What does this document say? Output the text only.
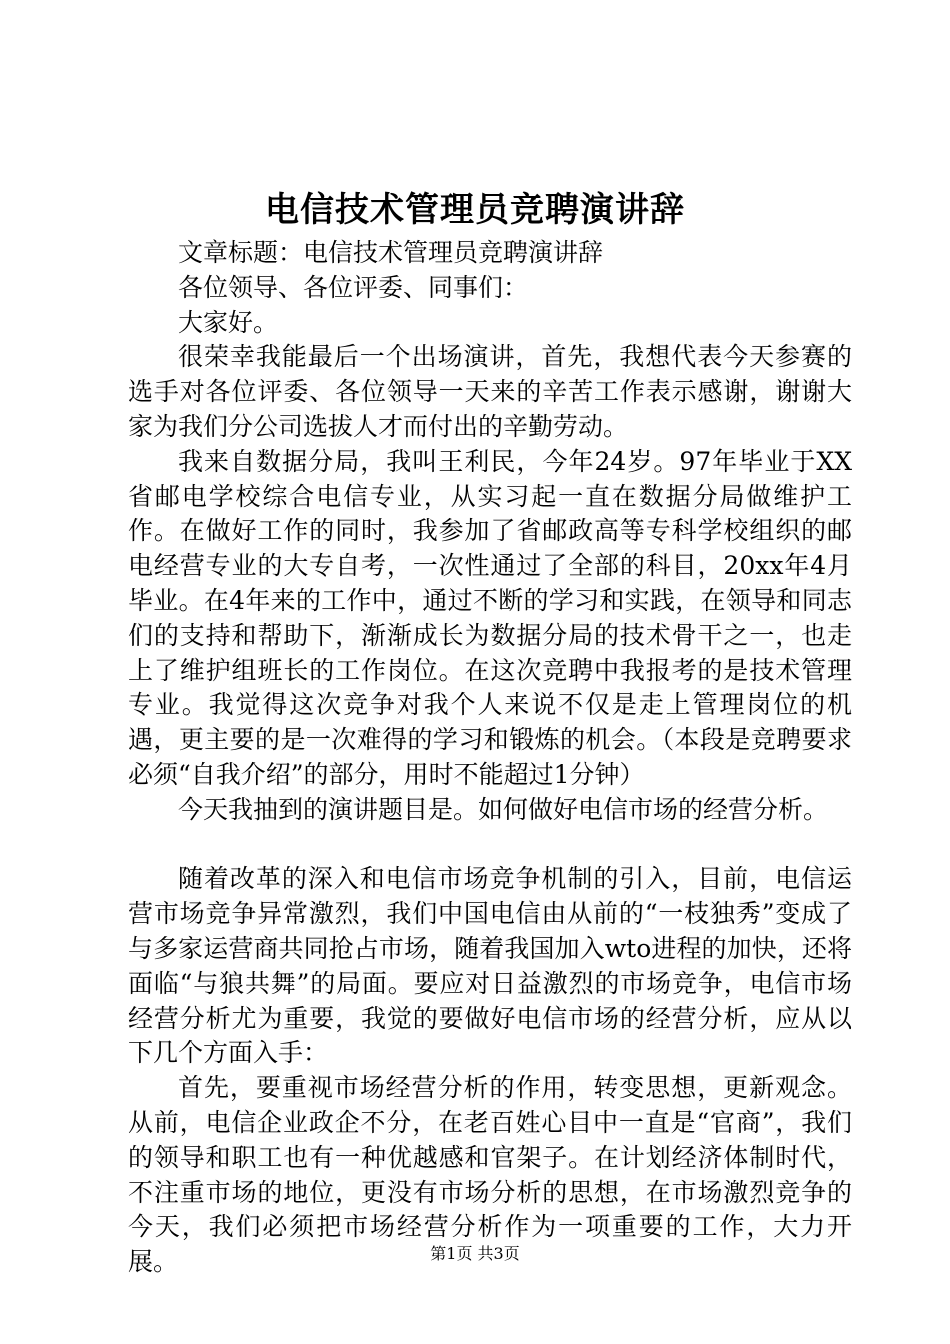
电信技术管理员竞聘演讲辞

文章标题：电信技术管理员竞聘演讲辞

各位领导、各位评委、同事们：

大家好。

很荣幸我能最后一个出场演讲，首先，我想代表今天参赛的选手对各位评委、各位领导一天来的辛苦工作表示感谢，谢谢大家为我们分公司选拔人才而付出的辛勤劳动。

我来自数据分局，我叫王利民，今年24岁。97年毕业于XX省邮电学校综合电信专业，从实习起一直在数据分局做维护工作。在做好工作的同时，我参加了省邮政高等专科学校组织的邮电经营专业的大专自考，一次性通过了全部的科目，20xx年4月毕业。在4年来的工作中，通过不断的学习和实践，在领导和同志们的支持和帮助下，渐渐成长为数据分局的技术骨干之一，也走上了维护组班长的工作岗位。在这次竞聘中我报考的是技术管理专业。我觉得这次竞争对我个人来说不仅是走上管理岗位的机遇，更主要的是一次难得的学习和锻炼的机会。（本段是竞聘要求必须“自我介绍”的部分，用时不能超过1分钟）

今天我抽到的演讲题目是。如何做好电信市场的经营分析。

随着改革的深入和电信市场竞争机制的引入，目前，电信运营市场竞争异常激烈，我们中国电信由从前的“一枝独秀”变成了与多家运营商共同抢占市场，随着我国加入wto进程的加快，还将面临“与狼共舞”的局面。要应对日益激烈的市场竞争，电信市场经营分析尤为重要，我觉的要做好电信市场的经营分析，应从以下几个方面入手：

首先，要重视市场经营分析的作用，转变思想，更新观念。从前，电信企业政企不分，在老百姓心目中一直是“官商”，我们的领导和职工也有一种优越感和官架子。在计划经济体制时代，不注重市场的地位，更没有市场分析的思想，在市场激烈竞争的今天，我们必须把市场经营分析作为一项重要的工作，大力开展。	第1页 共3页
